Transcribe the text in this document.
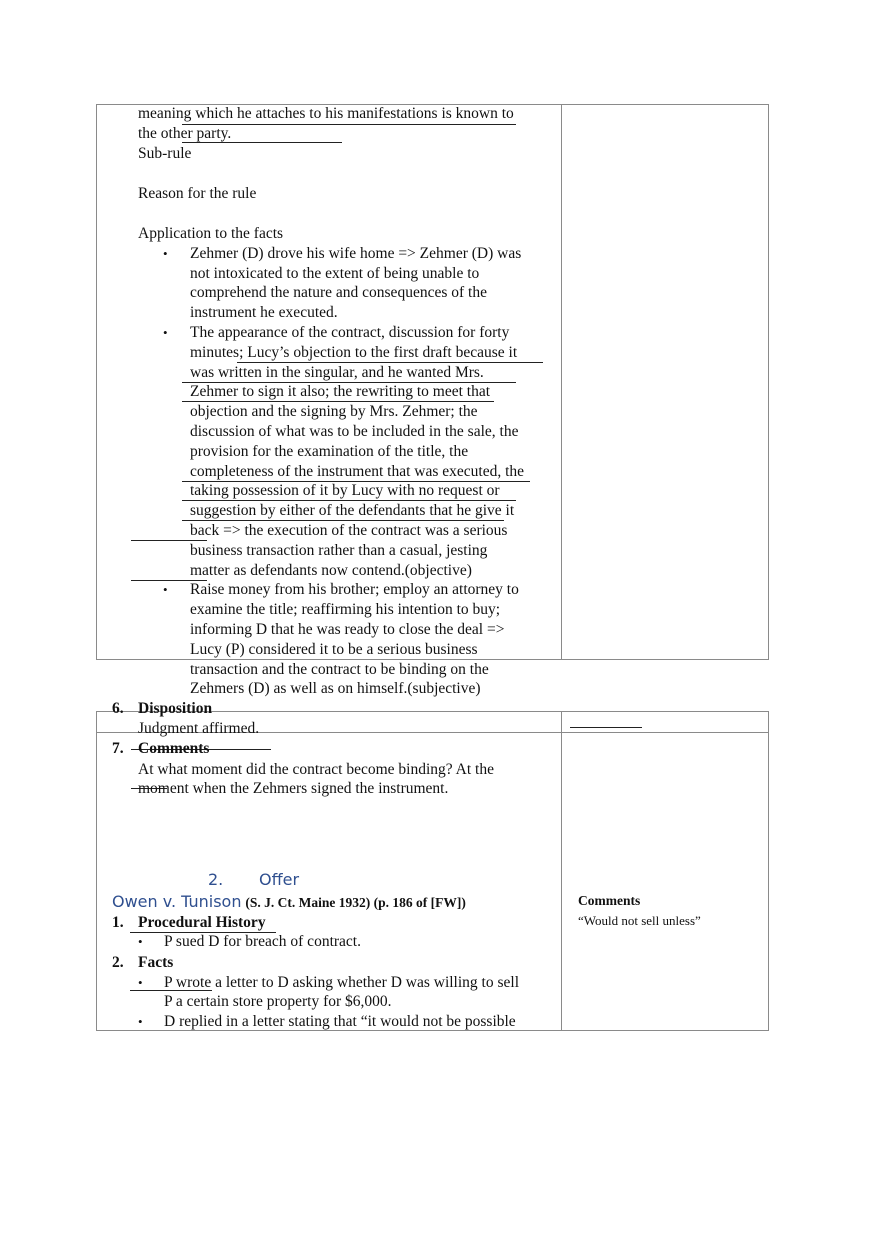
meaning which he attaches to his manifestations is known to
the other party.
Sub-rule
Reason for the rule
Application to the facts
• Zehmer (D) drove his wife home => Zehmer (D) was
not intoxicated to the extent of being unable to
comprehend the nature and consequences of the
instrument he executed.
• The appearance of the contract, discussion for forty
minutes; Lucy’s objection to the first draft because it
was written in the singular, and he wanted Mrs.
Zehmer to sign it also; the rewriting to meet that
objection and the signing by Mrs. Zehmer; the
discussion of what was to be included in the sale, the
provision for the examination of the title, the
completeness of the instrument that was executed, the
taking possession of it by Lucy with no request or
suggestion by either of the defendants that he give it
back => the execution of the contract was a serious
business transaction rather than a casual, jesting
matter as defendants now contend.(objective)
• Raise money from his brother; employ an attorney to
examine the title; reaffirming his intention to buy;
informing D that he was ready to close the deal =>
Lucy (P) considered it to be a serious business
transaction and the contract to be binding on the
Zehmers (D) as well as on himself.(subjective)
6. Disposition
Judgment affirmed.
7. Comments
At what moment did the contract become binding? At the
moment when the Zehmers signed the instrument.
2. Offer
Owen v. Tunison (S. J. Ct. Maine 1932) (p. 186 of [FW])	Comments
“Would not sell unless”
1. Procedural History
• P sued D for breach of contract.
2. Facts
• P wrote a letter to D asking whether D was willing to sell
P a certain store property for $6,000.
• D replied in a letter stating that “it would not be possible
